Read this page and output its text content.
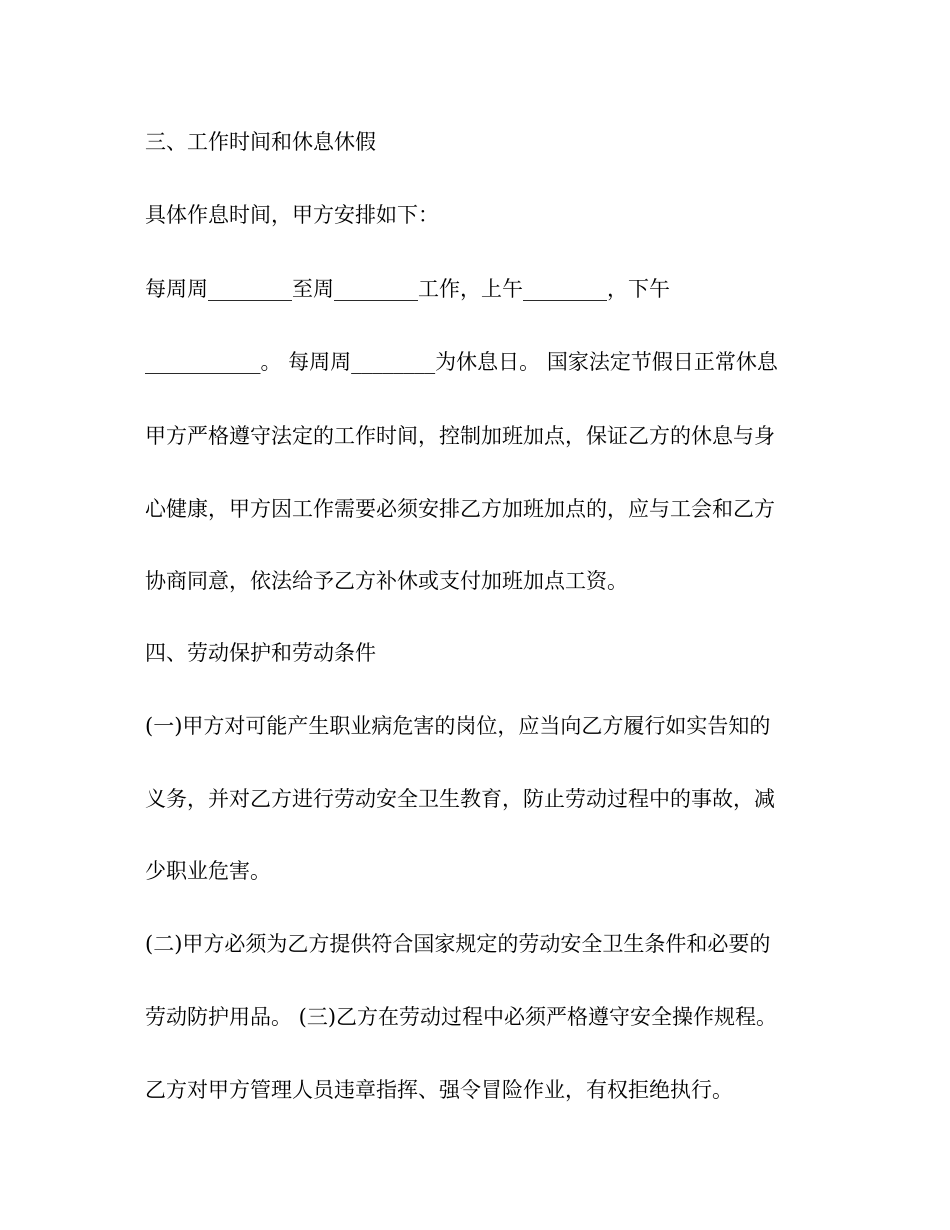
三、工作时间和休息休假
具体作息时间，甲方安排如下：
每周周________至周________工作，上午________，下午
___________。 每周周________为休息日。 国家法定节假日正常休息
甲方严格遵守法定的工作时间，控制加班加点，保证乙方的休息与身
心健康，甲方因工作需要必须安排乙方加班加点的，应与工会和乙方
协商同意，依法给予乙方补休或支付加班加点工资。
四、劳动保护和劳动条件
(一)甲方对可能产生职业病危害的岗位，应当向乙方履行如实告知的
义务，并对乙方进行劳动安全卫生教育，防止劳动过程中的事故，减
少职业危害。
(二)甲方必须为乙方提供符合国家规定的劳动安全卫生条件和必要的
劳动防护用品。 (三)乙方在劳动过程中必须严格遵守安全操作规程。
乙方对甲方管理人员违章指挥、强令冒险作业，有权拒绝执行。
